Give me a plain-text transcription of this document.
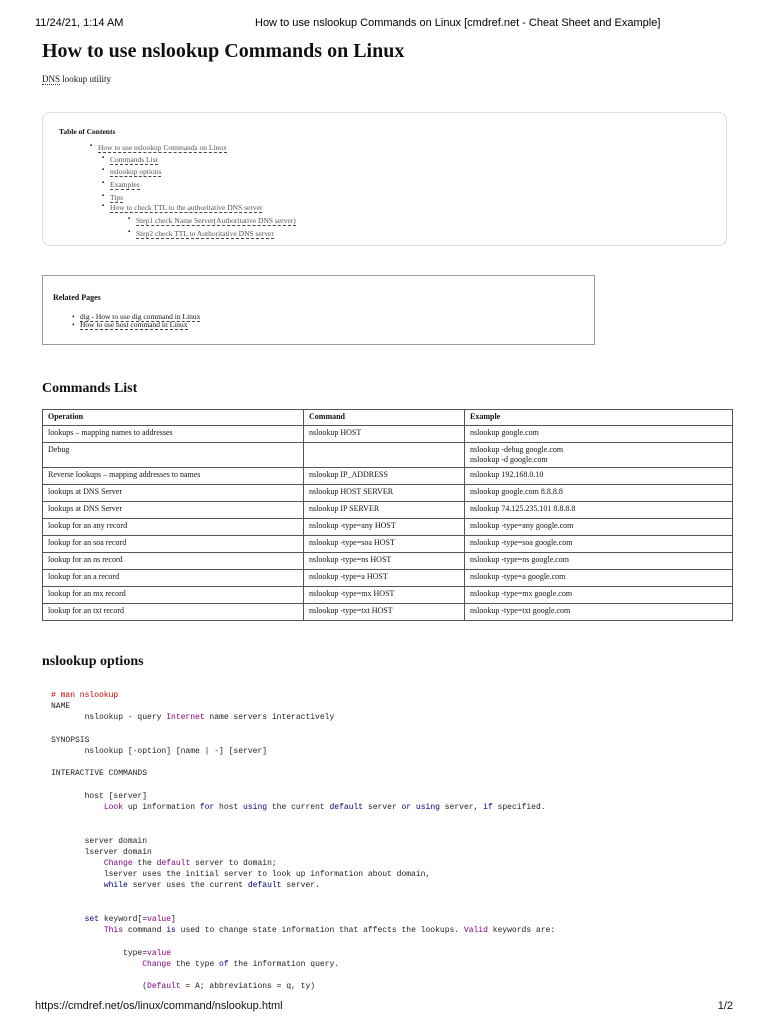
11/24/21, 1:14 AM	How to use nslookup Commands on Linux [cmdref.net - Cheat Sheet and Example]
How to use nslookup Commands on Linux
DNS lookup utility
Table of Contents
▪ How to use nslookup Commands on Linux
▪ Commands List
▪ nslookup options
▪ Examples
▪ Tips
▪ How to check TTL to the authoritative DNS server
▪ Step1 check Name Server(Authoritative DNS server)
▪ Step2 check TTL to Authoritative DNS server
Related Pages
• dig - How to use dig command in Linux
• How to use host command in Linux
Commands List
Operation	Command	Example
lookups – mapping names to addresses	nslookup HOST	nslookup google.com
Debug		nslookup -debug google.com
nslookup -d google.com
Reverse lookups – mapping addresses to names	nslookup IP_ADDRESS	nslookup 192.168.0.10
lookups at DNS Server	nslookup HOST SERVER	nslookup google.com 8.8.8.8
lookups at DNS Server	nslookup IP SERVER	nslookup 74.125.235.101 8.8.8.8
lookup for an any record	nslookup -type=any HOST	nslookup -type=any google.com
lookup for an soa record	nslookup -type=soa HOST	nslookup -type=soa google.com
lookup for an ns record	nslookup -type=ns HOST	nslookup -type=ns google.com
lookup for an a record	nslookup -type=a HOST	nslookup -type=a google.com
lookup for an mx record	nslookup -type=mx HOST	nslookup -type=mx google.com
lookup for an txt record	nslookup -type=txt HOST	nslookup -type=txt google.com
nslookup options
# man nslookup
NAME
nslookup - query Internet name servers interactively

SYNOPSIS
nslookup [-option] [name | -] [server]

INTERACTIVE COMMANDS

host [server]
Look up information for host using the current default server or using server, if specified.

server domain
lserver domain
Change the default server to domain;
lserver uses the initial server to look up information about domain,
while server uses the current default server.

set keyword[=value]
This command is used to change state information that affects the lookups. Valid keywords are:

type=value
Change the type of the information query.

(Default = A; abbreviations = q, ty)
https://cmdref.net/os/linux/command/nslookup.html	1/2
